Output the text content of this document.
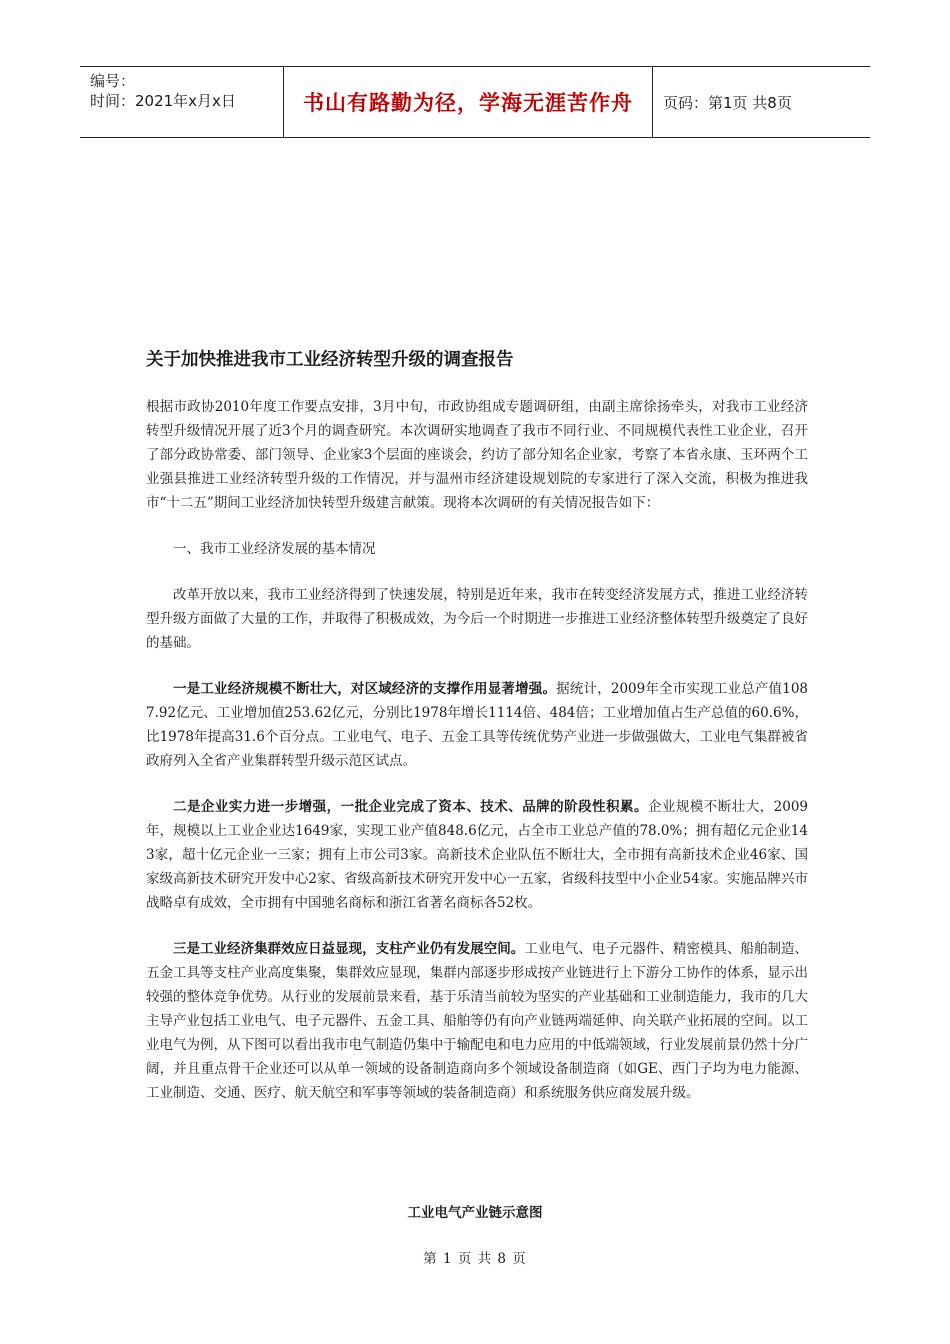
编号：
时间：2021年x月x日	书山有路勤为径，学海无涯苦作舟	页码：第1页 共8页
关于加快推进我市工业经济转型升级的调查报告

根据市政协2010年度工作要点安排，3月中旬，市政协组成专题调研组，由副主席徐扬牵头，对我市工业经济转型升级情况开展了近3个月的调查研究。本次调研实地调查了我市不同行业、不同规模代表性工业企业，召开了部分政协常委、部门领导、企业家3个层面的座谈会，约访了部分知名企业家，考察了本省永康、玉环两个工业强县推进工业经济转型升级的工作情况，并与温州市经济建设规划院的专家进行了深入交流，积极为推进我市“十二五”期间工业经济加快转型升级建言献策。现将本次调研的有关情况报告如下：

一、我市工业经济发展的基本情况

改革开放以来，我市工业经济得到了快速发展，特别是近年来，我市在转变经济发展方式，推进工业经济转型升级方面做了大量的工作，并取得了积极成效，为今后一个时期进一步推进工业经济整体转型升级奠定了良好的基础。

一是工业经济规模不断壮大，对区域经济的支撑作用显著增强。据统计，2009年全市实现工业总产值1087.92亿元、工业增加值253.62亿元，分别比1978年增长1114倍、484倍；工业增加值占生产总值的60.6%，比1978年提高31.6个百分点。工业电气、电子、五金工具等传统优势产业进一步做强做大，工业电气集群被省政府列入全省产业集群转型升级示范区试点。

二是企业实力进一步增强，一批企业完成了资本、技术、品牌的阶段性积累。企业规模不断壮大，2009年，规模以上工业企业达1649家，实现工业产值848.6亿元，占全市工业总产值的78.0%；拥有超亿元企业143家，超十亿元企业一三家；拥有上市公司3家。高新技术企业队伍不断壮大，全市拥有高新技术企业46家、国家级高新技术研究开发中心2家、省级高新技术研究开发中心一五家，省级科技型中小企业54家。实施品牌兴市战略卓有成效，全市拥有中国驰名商标和浙江省著名商标各52枚。

三是工业经济集群效应日益显现，支柱产业仍有发展空间。工业电气、电子元器件、精密模具、船舶制造、五金工具等支柱产业高度集聚，集群效应显现，集群内部逐步形成按产业链进行上下游分工协作的体系，显示出较强的整体竞争优势。从行业的发展前景来看，基于乐清当前较为坚实的产业基础和工业制造能力，我市的几大主导产业包括工业电气、电子元器件、五金工具、船舶等仍有向产业链两端延伸、向关联产业拓展的空间。以工业电气为例，从下图可以看出我市电气制造仍集中于输配电和电力应用的中低端领域，行业发展前景仍然十分广阔，并且重点骨干企业还可以从单一领域的设备制造商向多个领域设备制造商（如GE、西门子均为电力能源、工业制造、交通、医疗、航天航空和军事等领域的装备制造商）和系统服务供应商发展升级。

工业电气产业链示意图
第 1 页 共 8 页
